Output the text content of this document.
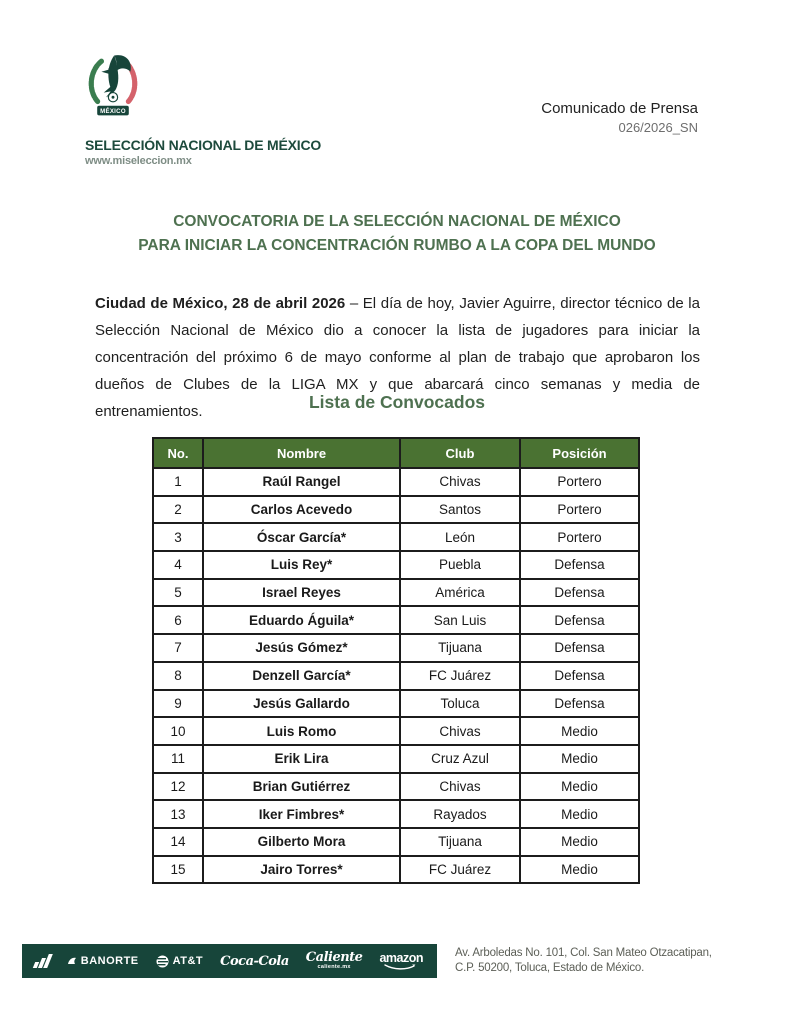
MÉXICO
SELECCIÓN NACIONAL DE MÉXICO
www.miseleccion.mx
Comunicado de Prensa
026/2026_SN
CONVOCATORIA DE LA SELECCIÓN NACIONAL DE MÉXICO
PARA INICIAR LA CONCENTRACIÓN RUMBO A LA COPA DEL MUNDO

Ciudad de México, 28 de abril 2026 – El día de hoy, Javier Aguirre, director técnico de la Selección Nacional de México dio a conocer la lista de jugadores para iniciar la concentración del próximo 6 de mayo conforme al plan de trabajo que aprobaron los dueños de Clubes de la LIGA MX y que abarcará cinco semanas y media de entrenamientos.	Lista de Convocados
No.	Nombre	Club	Posición
1	Raúl Rangel	Chivas	Portero
2	Carlos Acevedo	Santos	Portero
3	Óscar García*	León	Portero
4	Luis Rey*	Puebla	Defensa
5	Israel Reyes	América	Defensa
6	Eduardo Águila*	San Luis	Defensa
7	Jesús Gómez*	Tijuana	Defensa
8	Denzell García*	FC Juárez	Defensa
9	Jesús Gallardo	Toluca	Defensa
10	Luis Romo	Chivas	Medio
11	Erik Lira	Cruz Azul	Medio
12	Brian Gutiérrez	Chivas	Medio
13	Iker Fimbres*	Rayados	Medio
14	Gilberto Mora	Tijuana	Medio
15	Jairo Torres*	FC Juárez	Medio
BANORTE	AT&T Coca-Cola Caliente
caliente.mx
amazon	Av. Arboledas No. 101, Col. San Mateo Otzacatipan,
C.P. 50200, Toluca, Estado de México.
